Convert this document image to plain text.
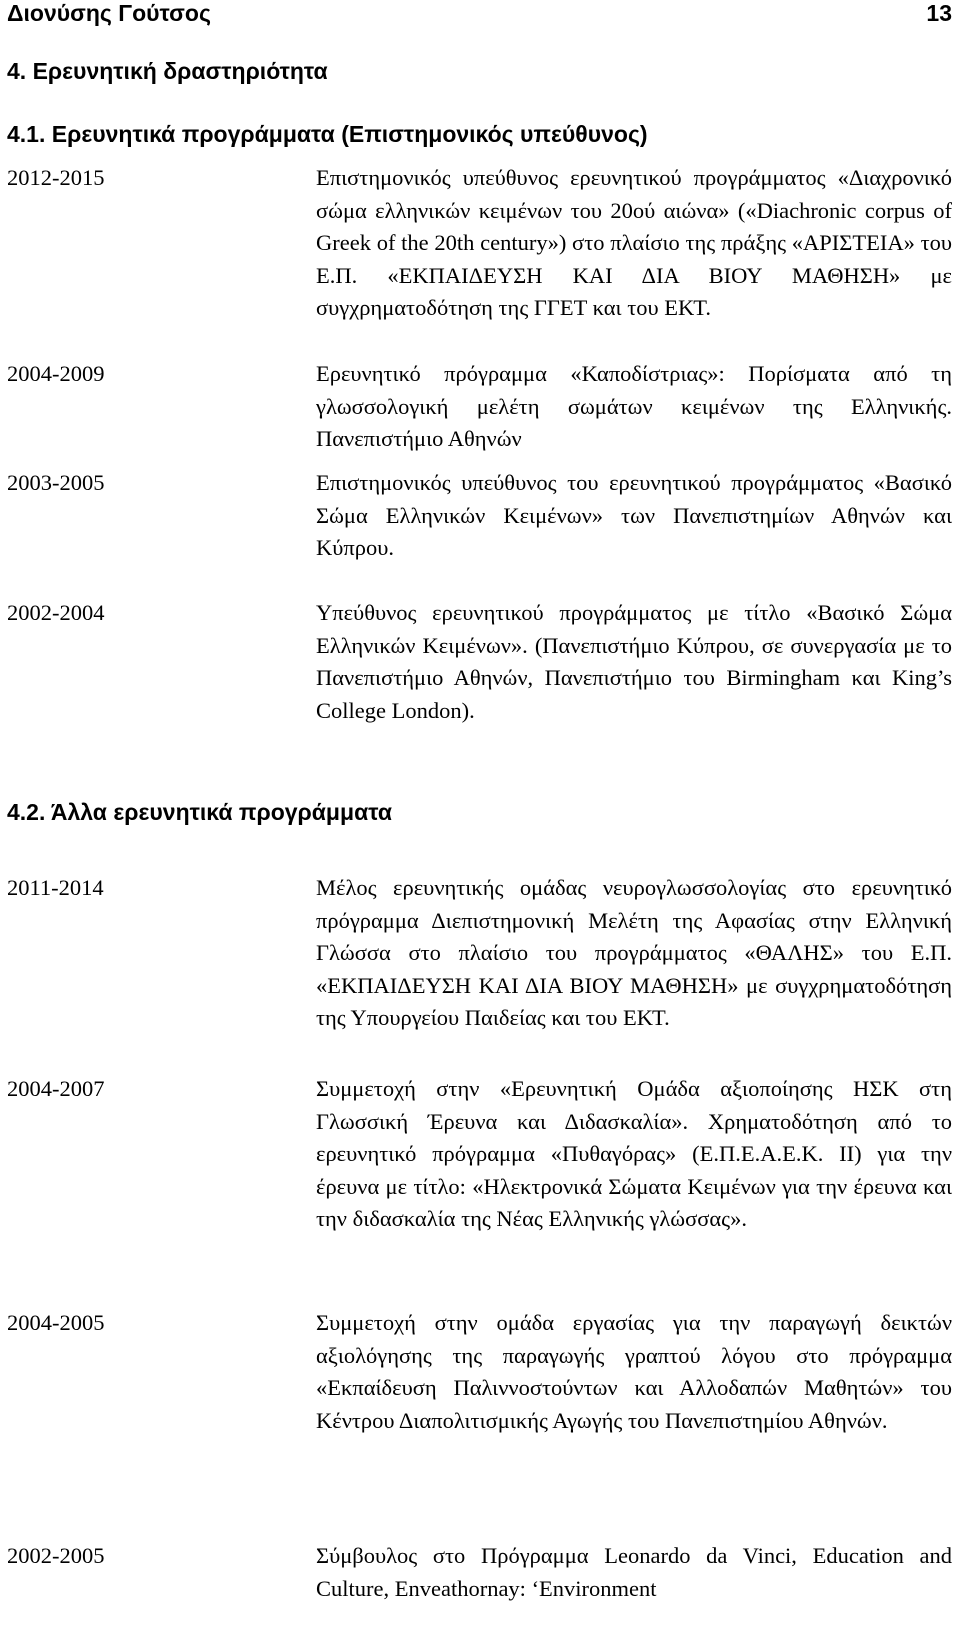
Διονύσης Γούτσος	13
4. Ερευνητική δραστηριότητα
4.1. Ερευνητικά προγράμματα (Επιστημονικός υπεύθυνος)
2012-2015	Επιστημονικός υπεύθυνος ερευνητικού προγράμματος «Διαχρονικό σώμα ελληνικών κειμένων του 20ού αιώνα» («Diachronic corpus of Greek of the 20th century») στο πλαίσιο της πράξης «ΑΡΙΣΤΕΙΑ» του Ε.Π. «ΕΚΠΑΙΔΕΥΣΗ ΚΑΙ ΔΙΑ ΒΙΟΥ ΜΑΘΗΣΗ» με συγχρηματοδότηση της ΓΓΕΤ και του ΕΚΤ.
2004-2009	Ερευνητικό πρόγραμμα «Καποδίστριας»: Πορίσματα από τη γλωσσολογική μελέτη σωμάτων κειμένων της Ελληνικής. Πανεπιστήμιο Αθηνών
2003-2005	Επιστημονικός υπεύθυνος του ερευνητικού προγράμματος «Βασικό Σώμα Ελληνικών Κειμένων» των Πανεπιστημίων Αθηνών και Κύπρου.
2002-2004	Υπεύθυνος ερευνητικού προγράμματος με τίτλο «Βασικό Σώμα Ελληνικών Κειμένων». (Πανεπιστήμιο Κύπρου, σε συνεργασία με το Πανεπιστήμιο Αθηνών, Πανεπιστήμιο του Birmingham και King’s College London).
4.2. Άλλα ερευνητικά προγράμματα
2011-2014	Μέλος ερευνητικής ομάδας νευρογλωσσολογίας στο ερευνητικό πρόγραμμα Διεπιστημονική Μελέτη της Αφασίας στην Ελληνική Γλώσσα στο πλαίσιο του προγράμματος «ΘΑΛΗΣ» του Ε.Π. «ΕΚΠΑΙΔΕΥΣΗ ΚΑΙ ΔΙΑ ΒΙΟΥ ΜΑΘΗΣΗ» με συγχρηματοδότηση της Υπουργείου Παιδείας και του ΕΚΤ.
2004-2007	Συμμετοχή στην «Ερευνητική Ομάδα αξιοποίησης ΗΣΚ στη Γλωσσική Έρευνα και Διδασκαλία». Χρηματοδότηση από το ερευνητικό πρόγραμμα «Πυθαγόρας» (Ε.Π.Ε.Α.Ε.Κ. ΙΙ) για την έρευνα με τίτλο: «Ηλεκτρονικά Σώματα Κειμένων για την έρευνα και την διδασκαλία της Νέας Ελληνικής γλώσσας».
2004-2005	Συμμετοχή στην ομάδα εργασίας για την παραγωγή δεικτών αξιολόγησης της παραγωγής γραπτού λόγου στο πρόγραμμα «Εκπαίδευση Παλιννοστούντων και Αλλοδαπών Μαθητών» του Κέντρου Διαπολιτισμικής Αγωγής του Πανεπιστημίου Αθηνών.
2002-2005	Σύμβουλος στο Πρόγραμμα Leonardo da Vinci, Education and Culture, Enveathornay: ‘Environment
